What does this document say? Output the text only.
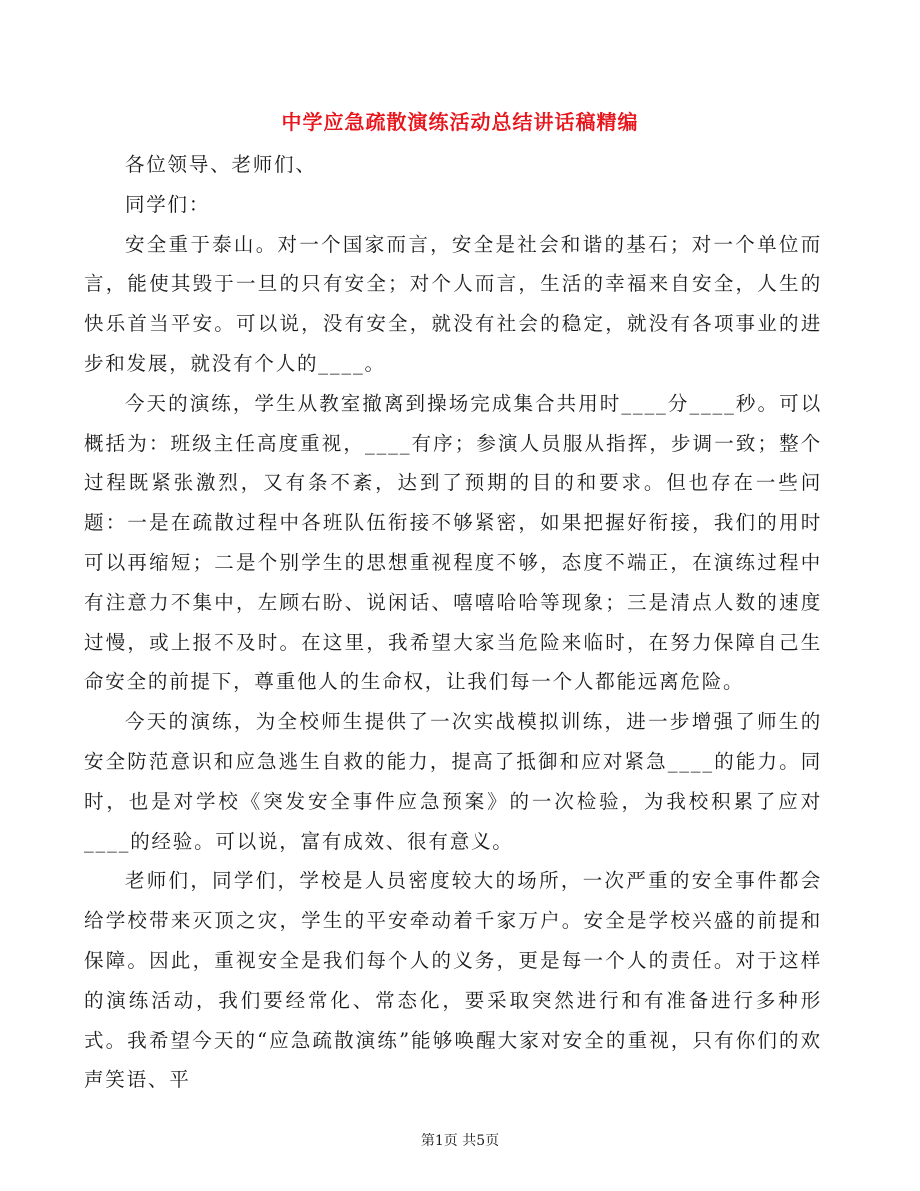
中学应急疏散演练活动总结讲话稿精编

各位领导、老师们、

同学们：

安全重于泰山。对一个国家而言，安全是社会和谐的基石；对一个单位而言，能使其毁于一旦的只有安全；对个人而言，生活的幸福来自安全，人生的快乐首当平安。可以说，没有安全，就没有社会的稳定，就没有各项事业的进步和发展，就没有个人的____。

今天的演练，学生从教室撤离到操场完成集合共用时____分____秒。可以概括为：班级主任高度重视，____有序；参演人员服从指挥，步调一致；整个过程既紧张激烈，又有条不紊，达到了预期的目的和要求。但也存在一些问题：一是在疏散过程中各班队伍衔接不够紧密，如果把握好衔接，我们的用时可以再缩短；二是个别学生的思想重视程度不够，态度不端正，在演练过程中有注意力不集中，左顾右盼、说闲话、嘻嘻哈哈等现象；三是清点人数的速度过慢，或上报不及时。在这里，我希望大家当危险来临时，在努力保障自己生命安全的前提下，尊重他人的生命权，让我们每一个人都能远离危险。

今天的演练，为全校师生提供了一次实战模拟训练，进一步增强了师生的安全防范意识和应急逃生自救的能力，提高了抵御和应对紧急____的能力。同时，也是对学校《突发安全事件应急预案》的一次检验，为我校积累了应对____的经验。可以说，富有成效、很有意义。

老师们，同学们，学校是人员密度较大的场所，一次严重的安全事件都会给学校带来灭顶之灾，学生的平安牵动着千家万户。安全是学校兴盛的前提和保障。因此，重视安全是我们每个人的义务，更是每一个人的责任。对于这样的演练活动，我们要经常化、常态化，要采取突然进行和有准备进行多种形式。我希望今天的“应急疏散演练”能够唤醒大家对安全的重视，只有你们的欢声笑语、平

第1页 共5页
